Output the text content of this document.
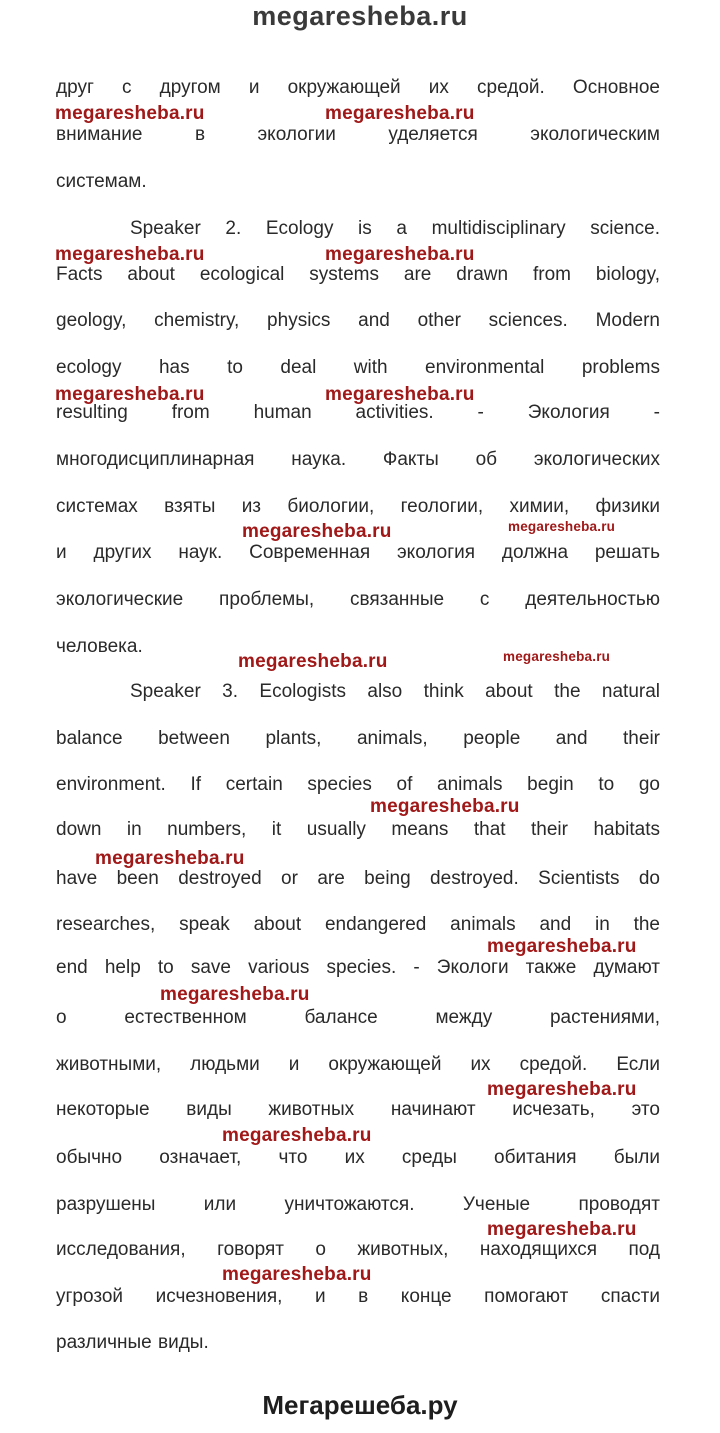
megaresheba.ru
друг с другом и окружающей их средой. Основное
внимание в экологии уделяется экологическим
системам.
Speaker 2. Ecology is a multidisciplinary science.
Facts about ecological systems are drawn from biology,
geology, chemistry, physics and other sciences. Modern
ecology has to deal with environmental problems
resulting from human activities. - Экология -
многодисциплинарная наука. Факты об экологических
системах взяты из биологии, геологии, химии, физики
и других наук. Современная экология должна решать
экологические проблемы, связанные с деятельностью
человека.
Speaker 3. Ecologists also think about the natural
balance between plants, animals, people and their
environment. If certain species of animals begin to go
down in numbers, it usually means that their habitats
have been destroyed or are being destroyed. Scientists do
researches, speak about endangered animals and in the
end help to save various species. - Экологи также думают
о естественном балансе между растениями,
животными, людьми и окружающей их средой. Если
некоторые виды животных начинают исчезать, это
обычно означает, что их среды обитания были
разрушены или уничтожаются. Ученые проводят
исследования, говорят о животных, находящихся под
угрозой исчезновения, и в конце помогают спасти
различные виды.
megaresheba.ru	megaresheba.ru
megaresheba.ru	megaresheba.ru
megaresheba.ru	megaresheba.ru
megaresheba.ru	megaresheba.ru
megaresheba.ru	megaresheba.ru
megaresheba.ru
megaresheba.ru
megaresheba.ru
megaresheba.ru
megaresheba.ru
megaresheba.ru
megaresheba.ru
megaresheba.ru
Мегарешеба.ру
